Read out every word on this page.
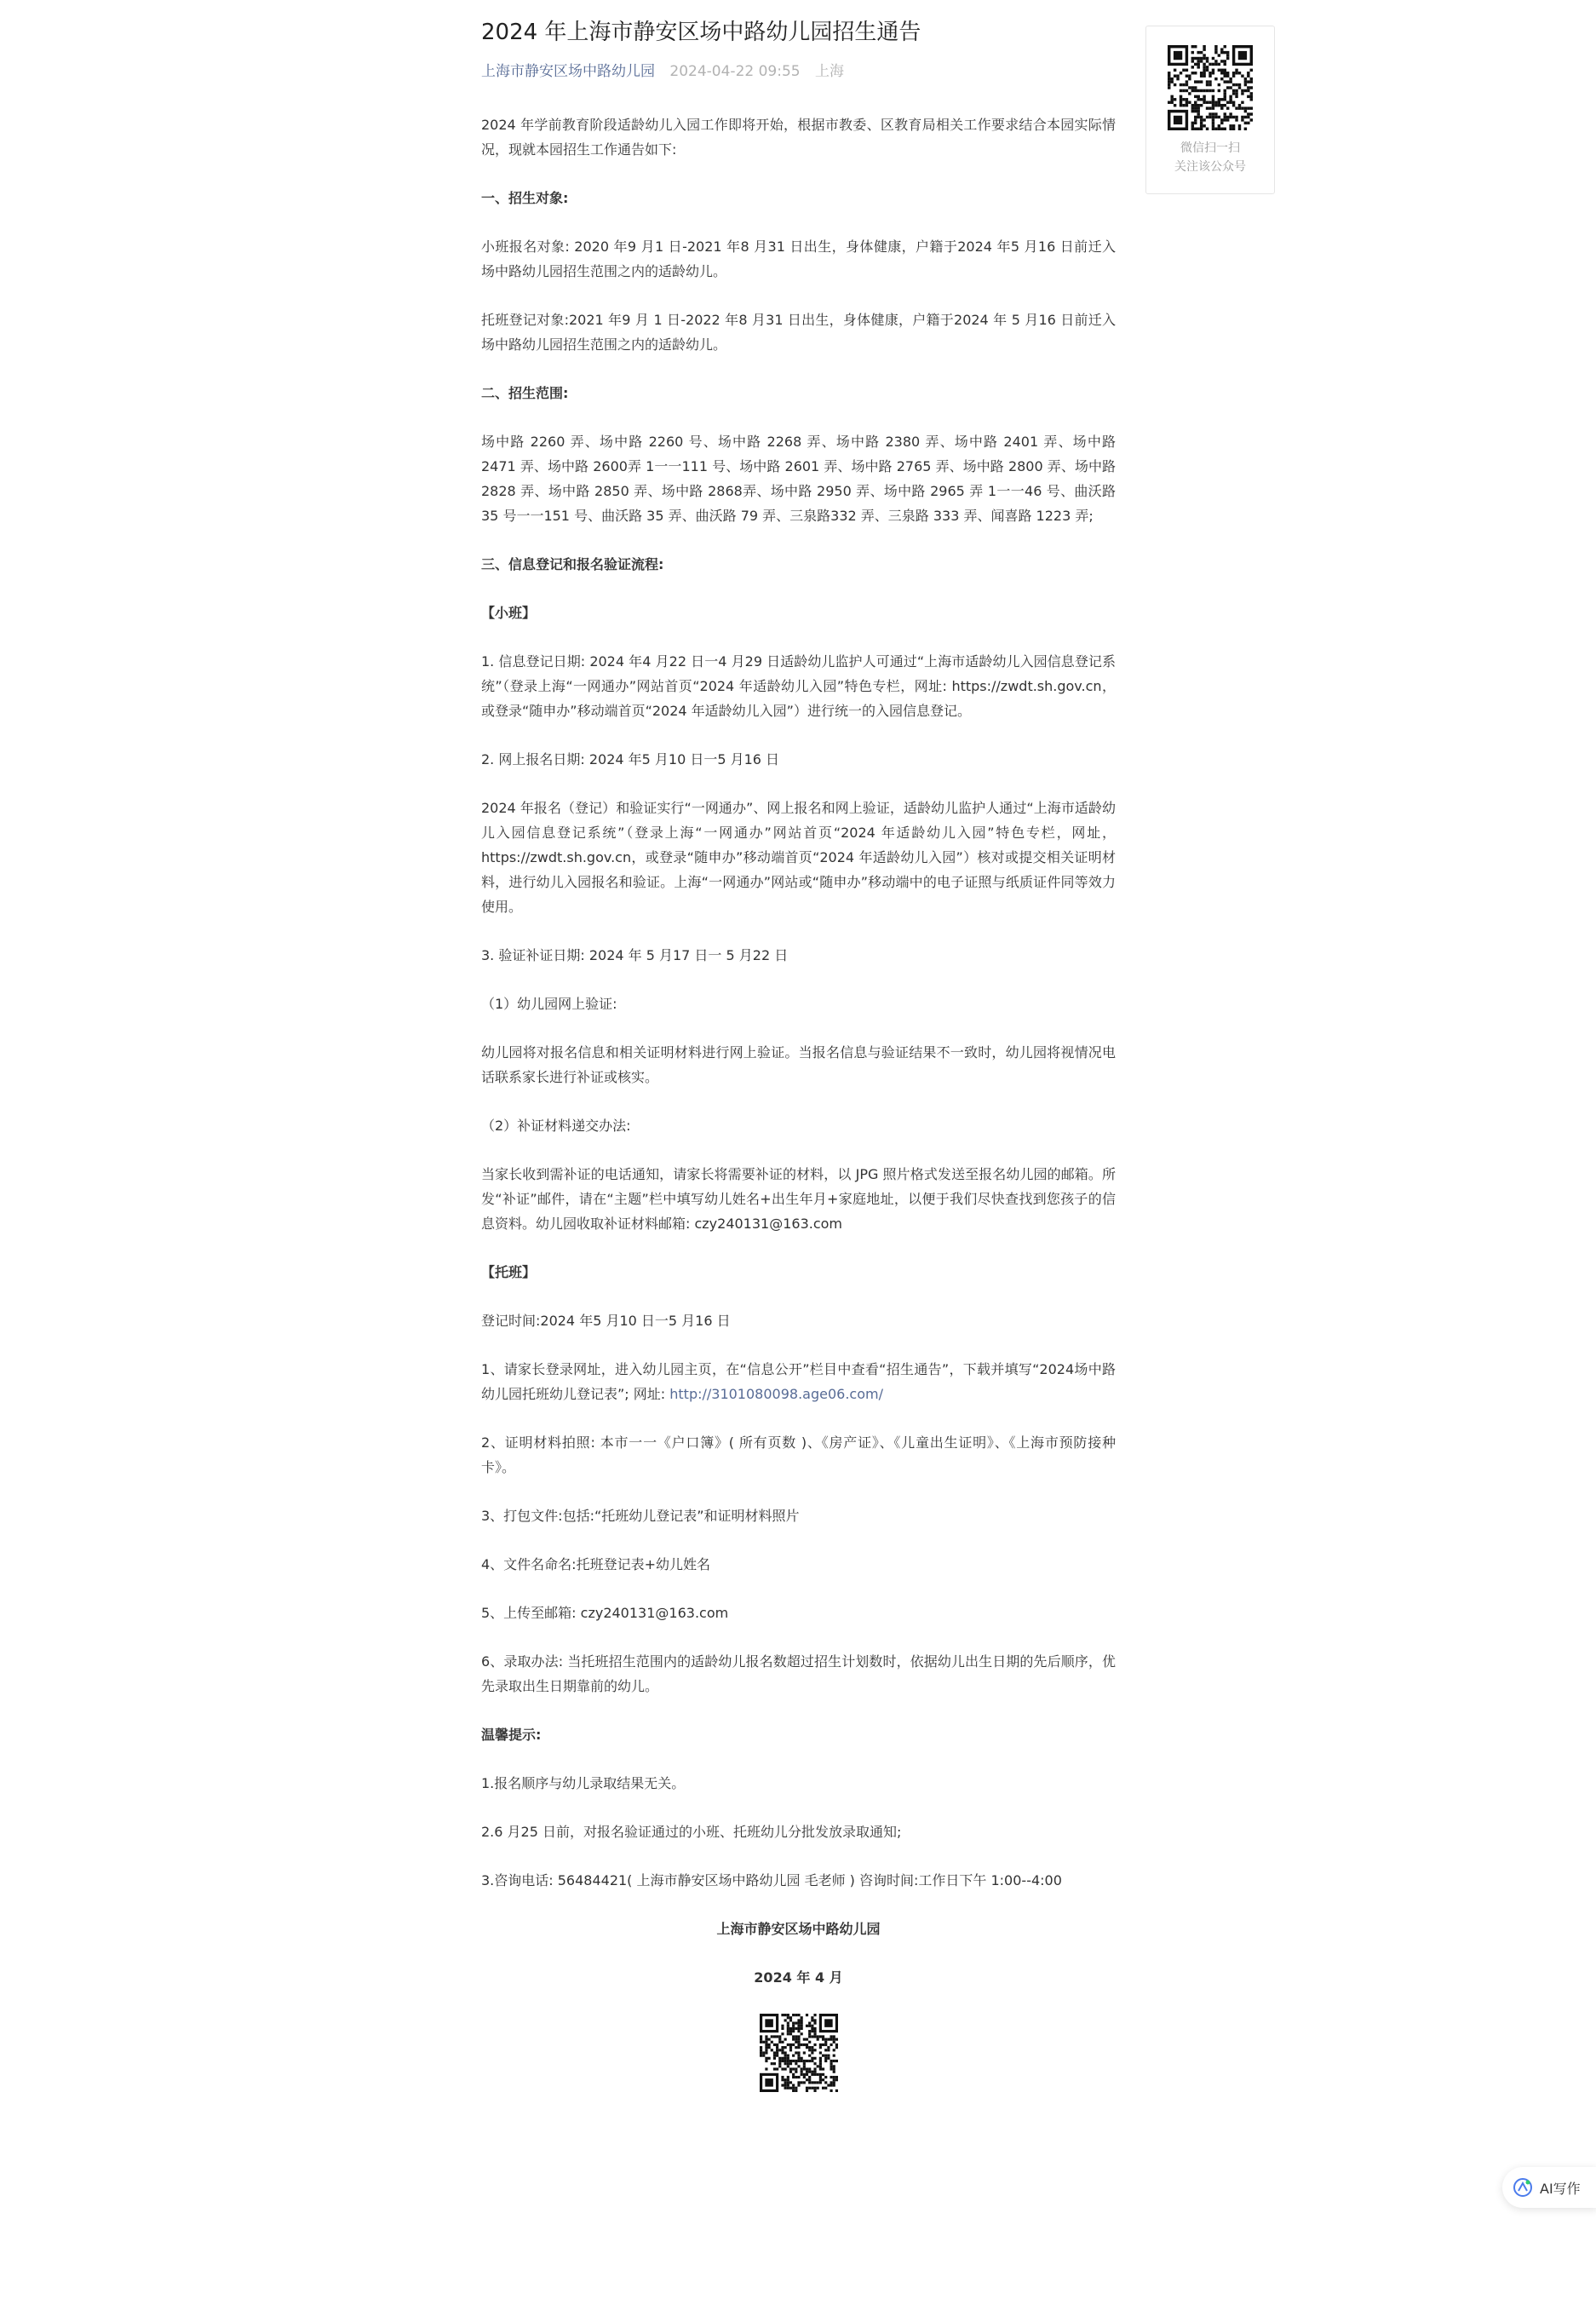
2024 年上海市静安区场中路幼儿园招生通告
上海市静安区场中路幼儿园 2024-04-22 09:55 上海

2024 年学前教育阶段适龄幼儿入园工作即将开始，根据市教委、区教育局相关工作要求结合本园实际情况，现就本园招生工作通告如下:

一、招生对象:

小班报名对象: 2020 年9 月1 日-2021 年8 月31 日出生，身体健康，户籍于2024 年5 月16 日前迁入场中路幼儿园招生范围之内的适龄幼儿。

托班登记对象:2021 年9 月 1 日-2022 年8 月31 日出生，身体健康，户籍于2024 年 5 月16 日前迁入场中路幼儿园招生范围之内的适龄幼儿。

二、招生范围:

场中路 2260 弄、场中路 2260 号、场中路 2268 弄、场中路 2380 弄、场中路 2401 弄、场中路 2471 弄、场中路 2600弄 1一一111 号、场中路 2601 弄、场中路 2765 弄、场中路 2800 弄、场中路 2828 弄、场中路 2850 弄、场中路 2868弄、场中路 2950 弄、场中路 2965 弄 1一一46 号、曲沃路 35 号一一151 号、曲沃路 35 弄、曲沃路 79 弄、三泉路332 弄、三泉路 333 弄、闻喜路 1223 弄;

三、信息登记和报名验证流程:

【小班】

1. 信息登记日期: 2024 年4 月22 日一4 月29 日适龄幼儿监护人可通过“上海市适龄幼儿入园信息登记系统”（登录上海“一网通办”网站首页“2024 年适龄幼儿入园”特色专栏，网址: https://zwdt.sh.gov.cn，或登录“随申办”移动端首页“2024 年适龄幼儿入园”）进行统一的入园信息登记。

2. 网上报名日期: 2024 年5 月10 日一5 月16 日

2024 年报名（登记）和验证实行“一网通办”、网上报名和网上验证，适龄幼儿监护人通过“上海市适龄幼儿入园信息登记系统”（登录上海“一网通办”网站首页“2024 年适龄幼儿入园”特色专栏，网址，https://zwdt.sh.gov.cn，或登录“随申办”移动端首页“2024 年适龄幼儿入园”）核对或提交相关证明材料，进行幼儿入园报名和验证。上海“一网通办”网站或“随申办”移动端中的电子证照与纸质证件同等效力使用。

3. 验证补证日期: 2024 年 5 月17 日一 5 月22 日

（1）幼儿园网上验证:

幼儿园将对报名信息和相关证明材料进行网上验证。当报名信息与验证结果不一致时，幼儿园将视情况电话联系家长进行补证或核实。

（2）补证材料递交办法:

当家长收到需补证的电话通知，请家长将需要补证的材料，以 JPG 照片格式发送至报名幼儿园的邮箱。所发“补证”邮件，请在“主题”栏中填写幼儿姓名+出生年月+家庭地址，以便于我们尽快查找到您孩子的信息资料。幼儿园收取补证材料邮箱: czy240131@163.com

【托班】

登记时间:2024 年5 月10 日一5 月16 日

1、请家长登录网址，进入幼儿园主页，在“信息公开”栏目中查看“招生通告”，下载并填写“2024场中路幼儿园托班幼儿登记表”; 网址: http://3101080098.age06.com/

2、证明材料拍照: 本市一一《户口簿》( 所有页数 )、《房产证》、《儿童出生证明》、《上海市预防接种卡》。

3、打包文件:包括:“托班幼儿登记表”和证明材料照片

4、文件名命名:托班登记表+幼儿姓名

5、上传至邮箱: czy240131@163.com

6、录取办法: 当托班招生范围内的适龄幼儿报名数超过招生计划数时，依据幼儿出生日期的先后顺序，优先录取出生日期靠前的幼儿。

温馨提示:

1.报名顺序与幼儿录取结果无关。

2.6 月25 日前，对报名验证通过的小班、托班幼儿分批发放录取通知;

3.咨询电话: 56484421( 上海市静安区场中路幼儿园 毛老师 ) 咨询时间:工作日下午 1:00--4:00

上海市静安区场中路幼儿园

2024 年 4 月

微信扫一扫
关注该公众号
AI写作
